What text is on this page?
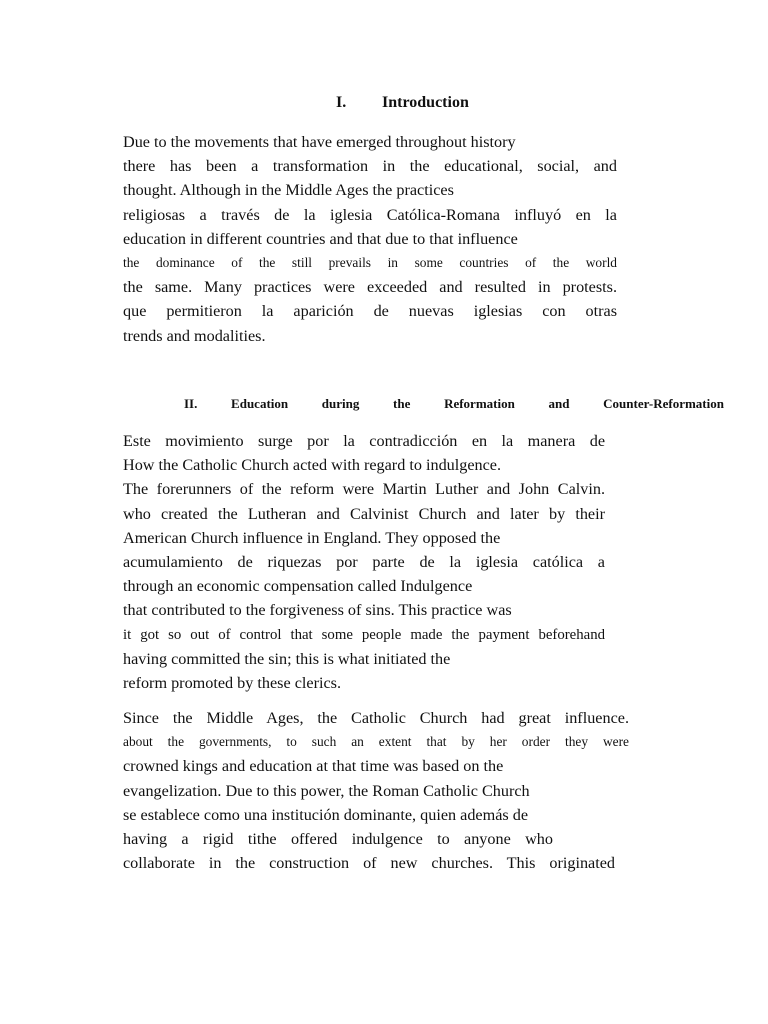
I. Introduction
Due to the movements that have emerged throughout history
there has been a transformation in the educational, social, and
thought. Although in the Middle Ages the practices
religiosas a través de la iglesia Católica-Romana influyó en la
education in different countries and that due to that influence
the dominance of the still prevails in some countries of the world
the same. Many practices were exceeded and resulted in protests.
que permitieron la aparición de nuevas iglesias con otras
trends and modalities.
II.	Education	during	the	Reformation	and	Counter-Reformation
Este movimiento surge por la contradicción en la manera de
How the Catholic Church acted with regard to indulgence.
The forerunners of the reform were Martin Luther and John Calvin.
who created the Lutheran and Calvinist Church and later by their
American Church influence in England. They opposed the
acumulamiento de riquezas por parte de la iglesia católica a
through an economic compensation called Indulgence
that contributed to the forgiveness of sins. This practice was
it got so out of control that some people made the payment beforehand
having committed the sin; this is what initiated the
reform promoted by these clerics.
Since the Middle Ages, the Catholic Church had great influence.
about the governments, to such an extent that by her order they were
crowned kings and education at that time was based on the
evangelization. Due to this power, the Roman Catholic Church
se establece como una institución dominante, quien además de
having a rigid tithe offered indulgence to anyone who
collaborate in the construction of new churches. This originated
